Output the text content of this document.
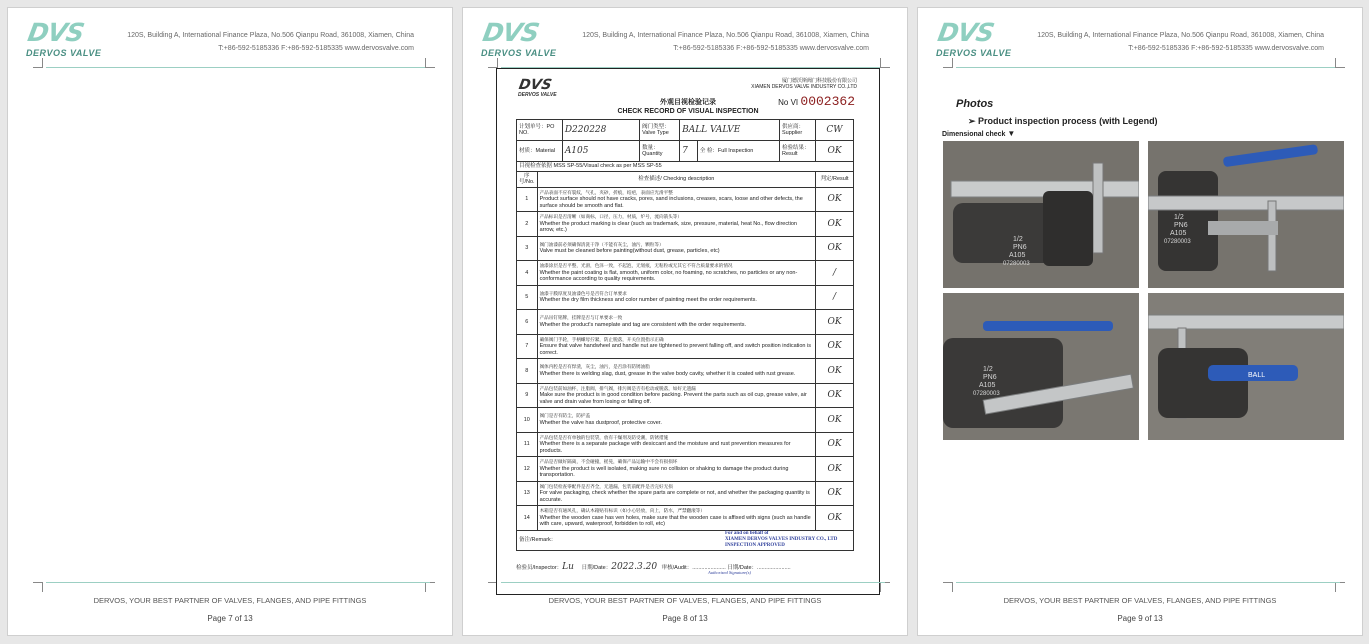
DVS
DERVOS VALVE
120S, Building A, International Finance Plaza, No.506 Qianpu Road, 361008, Xiamen, China
T:+86-592-5185336 F:+86-592-5185335 www.dervosvalve.com
DERVOS, YOUR BEST PARTNER OF VALVES, FLANGES, AND PIPE FITTINGS
Page 7 of 13
DVS
DERVOS VALVE
120S, Building A, International Finance Plaza, No.506 Qianpu Road, 361008, Xiamen, China
T:+86-592-5185336 F:+86-592-5185335 www.dervosvalve.com
DVS
DERVOS VALVE
厦门德沃斯阀门科技股份有限公司
XIAMEN DERVOS VALVE INDUSTRY CO.,LTD
No VI 0002362
外观目视检验记录
CHECK RECORD OF VISUAL INSPECTION
计划单号：PO NO.		D220228	阀门类型：Valve Type	BALL VALVE		供应商：Supplier	CW
材质：Material		A105	数量：Quantity	7	全 检：Full Inspection	检验结果：Result	OK
目视检查依据 MSS SP-55/Visual check as per MSS SP-55							
序号/No.	检查描述/ Checking description						判定/Result
1	产品表面不应有裂纹，气孔，夹砂，折痕，结疤，表面应光滑平整
Product surface should not have cracks, pores, sand inclusions, creases, scars, loose and other defects, the surface should be smooth and flat.						OK
2	产品标识是否清晰（如商标，口径，压力，材质，炉号，流向箭头等）
Whether the product marking is clear (such as trademark, size, pressure, material, heat No., flow direction arrow, etc.)						OK
3	阀门油漆前必须确保清洗干净（不能有灰尘，油污，颗粒等）
Valve must be cleaned before painting(without dust, grease, particles, etc)						OK
4	油漆涂层是否平整，光滑，色泽一致，不起泡，无划痕，无粘粒或无其它不符合质量要求的情况
Whether the paint coating is flat, smooth, uniform color, no foaming, no scratches, no particles or any non-conformance according to quality requirements.						/
5	油漆干膜厚度及油漆色号是否符合订单要求
Whether the dry film thickness and color number of painting meet the order requirements.						/
6	产品吊钉铭牌，挂牌是否与订单要求一致
Whether the product's nameplate and tag are consistent with the order requirements.						OK
7	确保阀门手轮，手柄螺母拧紧，防止脱落，开关位置指示正确
Ensure that valve handwheel and handle nut are tightened to prevent falling off, and switch position indication is correct.						OK
8	阀体内腔是否有焊渣，灰尘，油污，是否涂有防锈油脂
Whether there is welding slag, dust, grease in the valve body cavity, whether it is coated with rust grease.						OK
9	产品包装前如油杯，注脂阀，排气阀，排污阀是否有松动或脱落，如好无遗漏
Make sure the product is in good condition before packing. Prevent the parts such as oil cup, grease valve, air valve and drain valve from losing or falling off.						OK
10	阀门是否有防尘，防护盖
Whether the valve has dustproof, protective cover.						OK
11	产品包装是否有单独的包装袋，放有干燥剂及防受潮，防锈措施
Whether there is a separate package with desiccant and the moisture and rust prevention measures for products.						OK
12	产品是否做好隔离，不会碰撞，摇晃，确保产品运输中不会有损损坏
Whether the product is well isolated, making sure no collision or shaking to damage the product during transportation.						OK
13	阀门包装检查零配件是否齐全，无遗漏，包装前配件是否完好无损
For valve packaging, check whether the spare parts are complete or not, and whether the packaging quantity is accurate.						OK
14	木箱是否有通风孔，确认木箱贴有标识（如小心轻放，向上，防水，严禁翻滚等）
Whether the wooden case has ven holes, make sure that the wooden case is affixed with signs (such as handle with care, upward, waterproof, forbidden to roll, etc)						OK
备注/Remark：							
For and on behalf of
XIAMEN DERVOS VALVES INDUSTRY CO., LTD
INSPECTION APPROVED
检验员/Inspector：Lu 日期/Date：2022.3.20 审核/Audit：...................... 日期/Date：......................
Authorized Signature(s)
DERVOS, YOUR BEST PARTNER OF VALVES, FLANGES, AND PIPE FITTINGS
Page 8 of 13
DVS
DERVOS VALVE
120S, Building A, International Finance Plaza, No.506 Qianpu Road, 361008, Xiamen, China
T:+86-592-5185336 F:+86-592-5185335 www.dervosvalve.com
Photos
➢ Product inspection process (with Legend)
Dimensional check ▼
1/2
PN6
A105
07280003
1/2
PN6
A105
07280003
1/2
PN6
A105
07280003
BALL
DERVOS, YOUR BEST PARTNER OF VALVES, FLANGES, AND PIPE FITTINGS
Page 9 of 13
